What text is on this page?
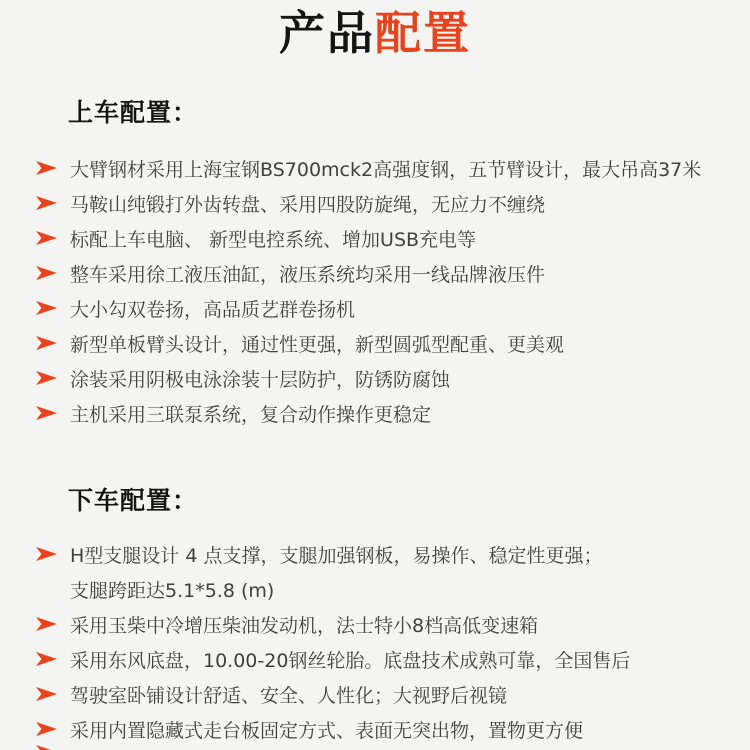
产品配置
上车配置：
大臂钢材采用上海宝钢BS700mck2高强度钢，五节臂设计，最大吊高37米
马鞍山纯锻打外齿转盘、采用四股防旋绳，无应力不缠绕
标配上车电脑、 新型电控系统、增加USB充电等
整车采用徐工液压油缸，液压系统均采用一线品牌液压件
大小勾双卷扬，高品质艺群卷扬机
新型单板臂头设计，通过性更强，新型圆弧型配重、更美观
涂装采用阴极电泳涂装十层防护，防锈防腐蚀
主机采用三联泵系统，复合动作操作更稳定
下车配置：
H型支腿设计 4 点支撑，支腿加强钢板，易操作、稳定性更强；
支腿跨距达5.1*5.8 (m)
采用玉柴中冷增压柴油发动机，法士特小8档高低变速箱
采用东风底盘，10.00-20钢丝轮胎。底盘技术成熟可靠，全国售后
驾驶室卧铺设计舒适、安全、人性化；大视野后视镜
采用内置隐藏式走台板固定方式、表面无突出物，置物更方便
